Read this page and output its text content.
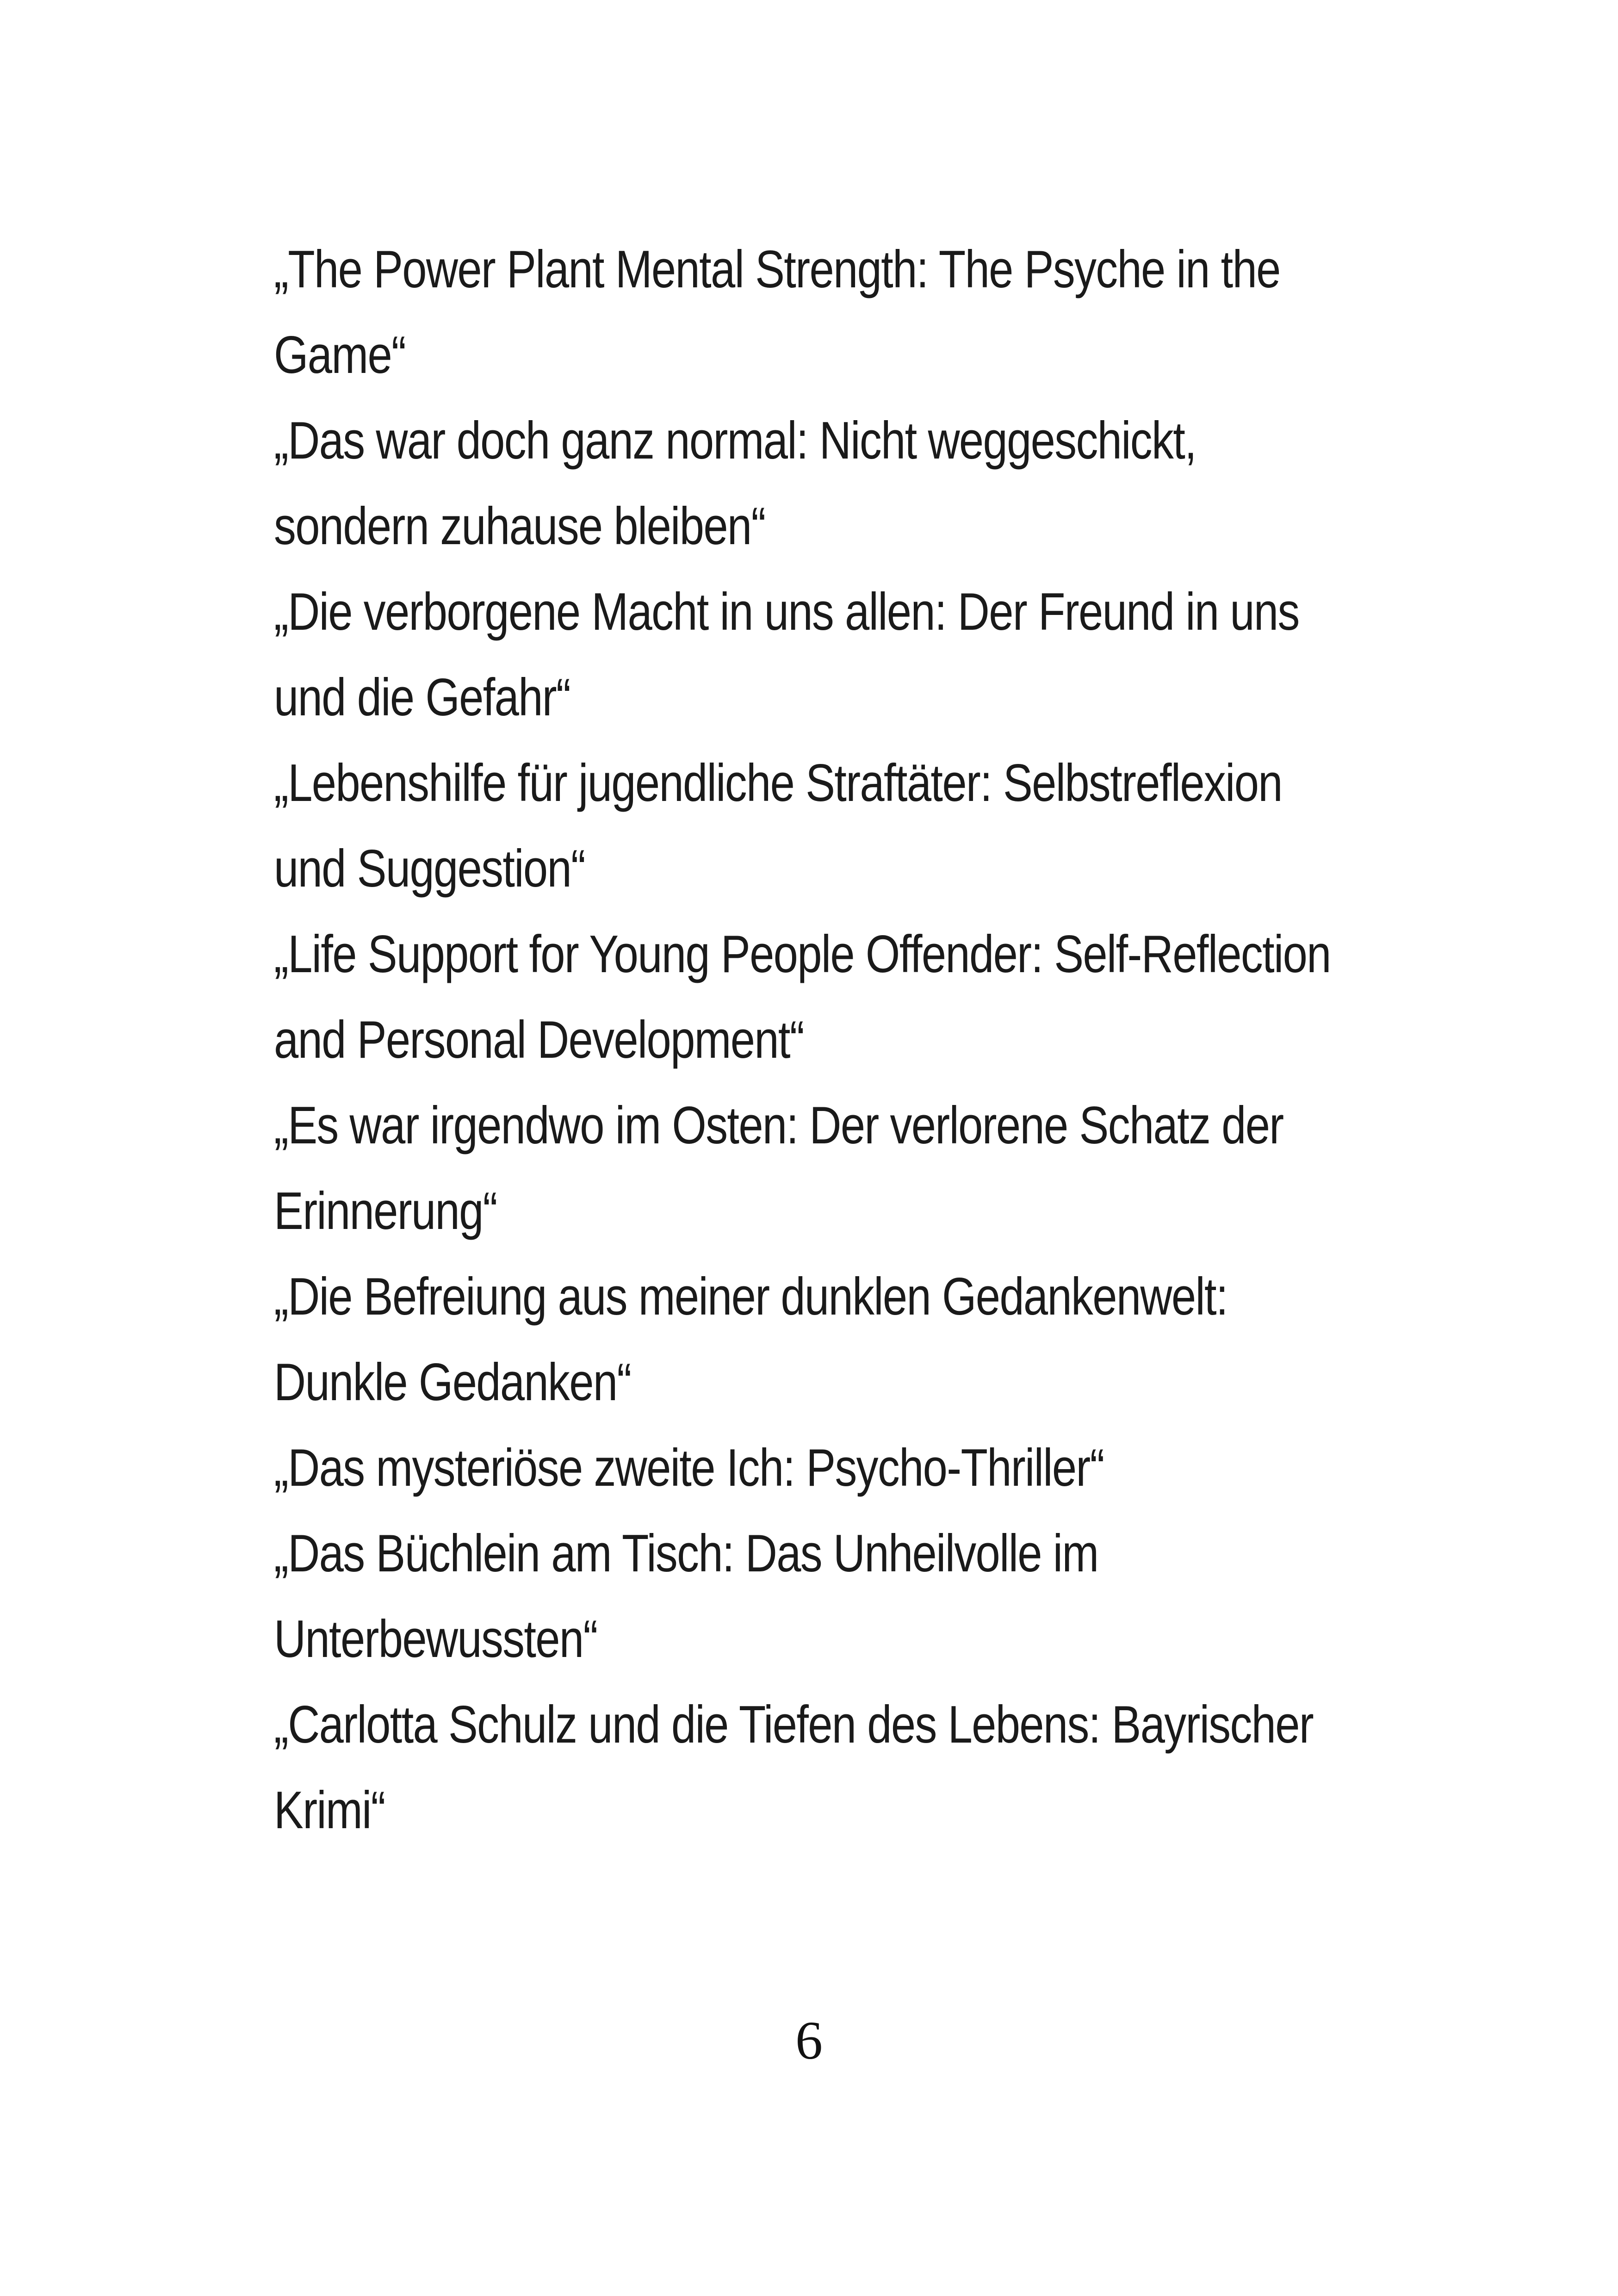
„The Power Plant Mental Strength: The Psyche in the
Game“
„Das war doch ganz normal: Nicht weggeschickt,
sondern zuhause bleiben“
„Die verborgene Macht in uns allen: Der Freund in uns
und die Gefahr“
„Lebenshilfe für jugendliche Straftäter: Selbstreflexion
und Suggestion“
„Life Support for Young People Offender: Self-Reflection
and Personal Development“
„Es war irgendwo im Osten: Der verlorene Schatz der
Erinnerung“
„Die Befreiung aus meiner dunklen Gedankenwelt:
Dunkle Gedanken“
„Das mysteriöse zweite Ich: Psycho-Thriller“
„Das Büchlein am Tisch: Das Unheilvolle im
Unterbewussten“
„Carlotta Schulz und die Tiefen des Lebens: Bayrischer
Krimi“
6
